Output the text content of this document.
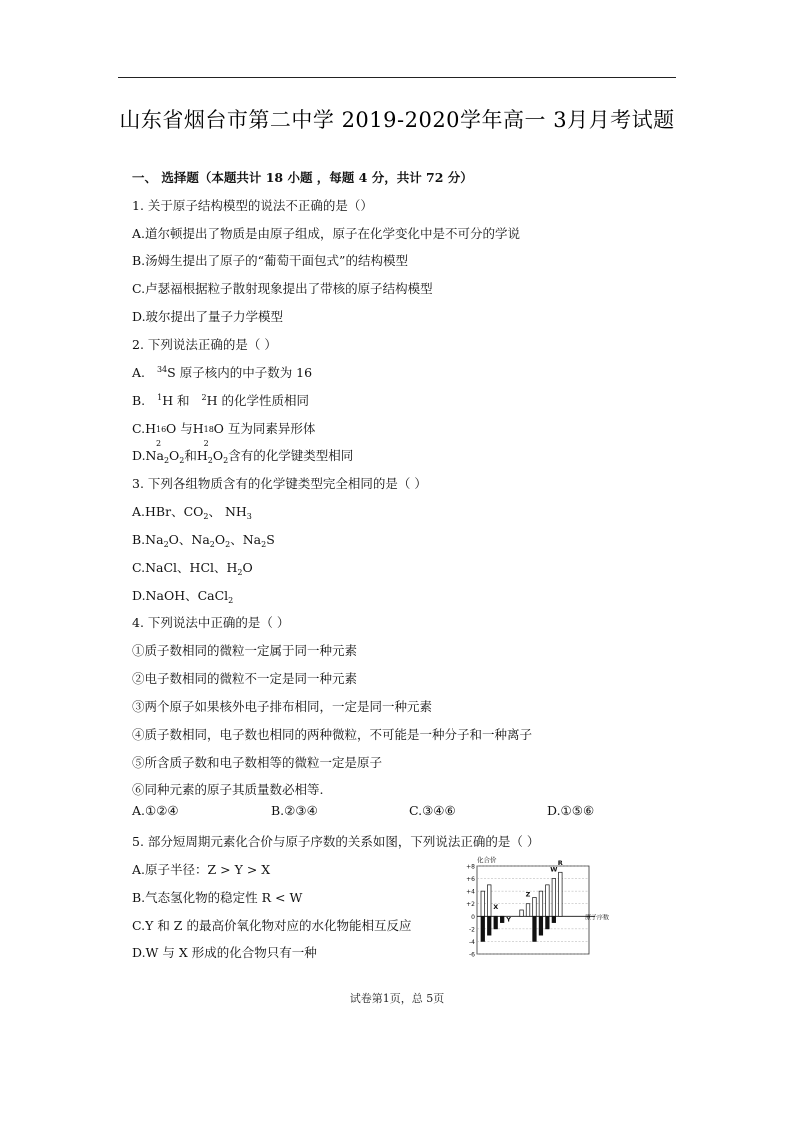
山东省烟台市第二中学 2019-2020学年高一 3月月考试题
一、 选择题（本题共计 18 小题 ，每题 4 分，共计 72 分）
1. 关于原子结构模型的说法不正确的是（）
A.道尔顿提出了物质是由原子组成，原子在化学变化中是不可分的学说
B.汤姆生提出了原子的“葡萄干面包式”的结构模型
C.卢瑟福根据粒子散射现象提出了带核的原子结构模型
D.玻尔提出了量子力学模型
2. 下列说法正确的是（ ）
A. $^{34}$S 原子核内的中子数为 16
B. $^1$H 和 $^2$H 的化学性质相同
C.H 16
2
O 与H 18
2
O 互为同素异形体
$D.Na_2O_2$和$H_2O_2$含有的化学键类型相同
3. 下列各组物质含有的化学键类型完全相同的是（ ）
A.HBr、$CO_2$、 $NH_3$
$B.Na_2O$、$Na_2O_2$、$Na_2S$
C.NaCl、HCl、$H_2O$
D.NaOH、CaCl$_2$
4. 下列说法中正确的是（ ）
①质子数相同的微粒一定属于同一种元素
②电子数相同的微粒不一定是同一种元素
③两个原子如果核外电子排布相同，一定是同一种元素
④质子数相同，电子数也相同的两种微粒，不可能是一种分子和一种离子
⑤所含质子数和电子数相等的微粒一定是原子
⑥同种元素的原子其质量数必相等.
A.①②④	B.②③④	C.③④⑥	D.①⑤⑥
5. 部分短周期元素化合价与原子序数的关系如图，下列说法正确的是（ ）
A.原子半径：Z > Y > X
B.气态氢化物的稳定性 R < W
C.Y 和 Z 的最高价氧化物对应的水化物能相互反应
D.W 与 X 形成的化合物只有一种
+8
+6
+4
+2
0
-2
-4
-6
化合价
原子序数
X
Y
Z
W
R
试卷第1页，总 5页
